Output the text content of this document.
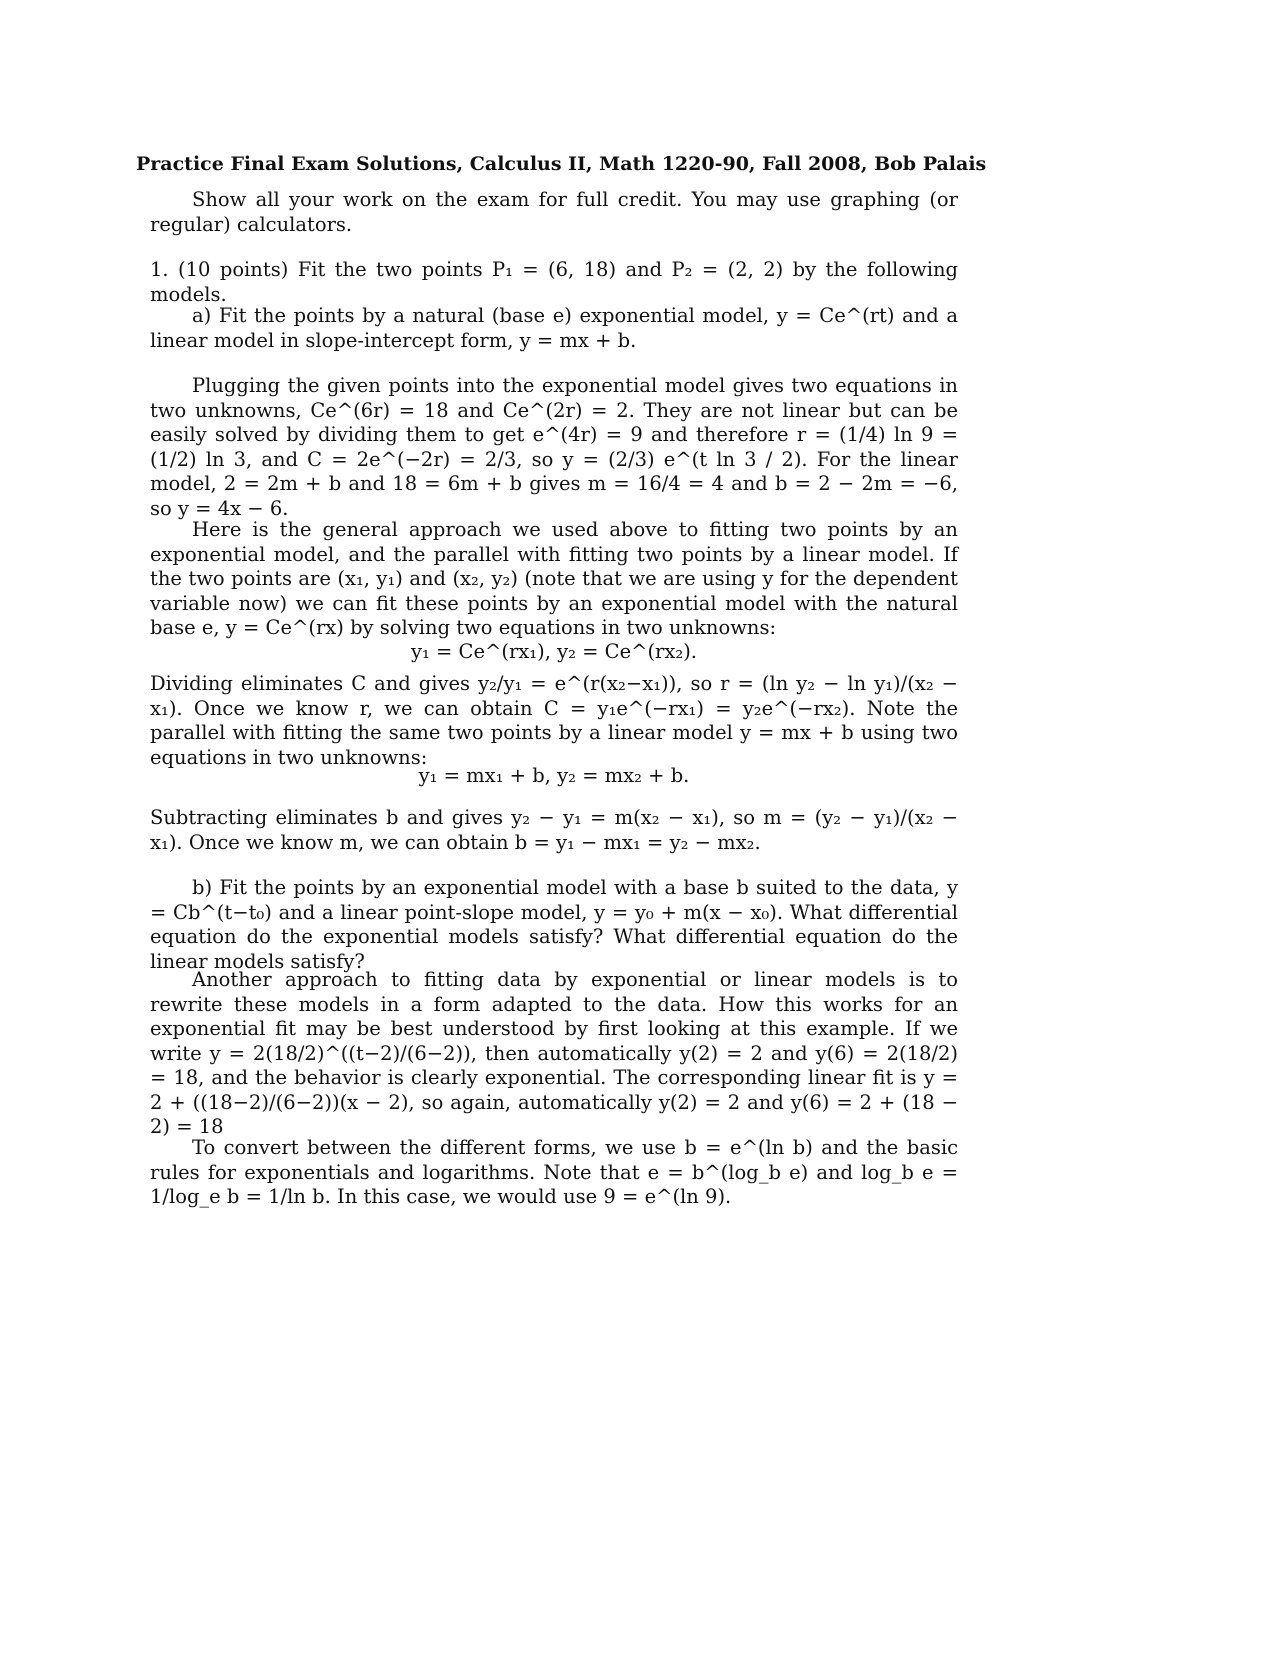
Practice Final Exam Solutions, Calculus II, Math 1220-90, Fall 2008, Bob Palais
Show all your work on the exam for full credit. You may use graphing (or regular) calculators.
1. (10 points) Fit the two points P₁ = (6, 18) and P₂ = (2, 2) by the following models.
a) Fit the points by a natural (base e) exponential model, y = Ce^(rt) and a linear model in slope-intercept form, y = mx + b.
Plugging the given points into the exponential model gives two equations in two unknowns, Ce^(6r) = 18 and Ce^(2r) = 2. They are not linear but can be easily solved by dividing them to get e^(4r) = 9 and therefore r = (1/4) ln 9 = (1/2) ln 3, and C = 2e^(−2r) = 2/3, so y = (2/3) e^(t ln 3 / 2). For the linear model, 2 = 2m + b and 18 = 6m + b gives m = 16/4 = 4 and b = 2 − 2m = −6, so y = 4x − 6.
Here is the general approach we used above to fitting two points by an exponential model, and the parallel with fitting two points by a linear model. If the two points are (x₁, y₁) and (x₂, y₂) (note that we are using y for the dependent variable now) we can fit these points by an exponential model with the natural base e, y = Ce^(rx) by solving two equations in two unknowns:
y₁ = Ce^(rx₁), y₂ = Ce^(rx₂).
Dividing eliminates C and gives y₂/y₁ = e^(r(x₂−x₁)), so r = (ln y₂ − ln y₁)/(x₂ − x₁). Once we know r, we can obtain C = y₁e^(−rx₁) = y₂e^(−rx₂). Note the parallel with fitting the same two points by a linear model y = mx + b using two equations in two unknowns:
y₁ = mx₁ + b, y₂ = mx₂ + b.
Subtracting eliminates b and gives y₂ − y₁ = m(x₂ − x₁), so m = (y₂ − y₁)/(x₂ − x₁). Once we know m, we can obtain b = y₁ − mx₁ = y₂ − mx₂.
b) Fit the points by an exponential model with a base b suited to the data, y = Cb^(t−t₀) and a linear point-slope model, y = y₀ + m(x − x₀). What differential equation do the exponential models satisfy? What differential equation do the linear models satisfy?
Another approach to fitting data by exponential or linear models is to rewrite these models in a form adapted to the data. How this works for an exponential fit may be best understood by first looking at this example. If we write y = 2(18/2)^((t−2)/(6−2)), then automatically y(2) = 2 and y(6) = 2(18/2) = 18, and the behavior is clearly exponential. The corresponding linear fit is y = 2 + ((18−2)/(6−2))(x − 2), so again, automatically y(2) = 2 and y(6) = 2 + (18 − 2) = 18
To convert between the different forms, we use b = e^(ln b) and the basic rules for exponentials and logarithms. Note that e = b^(log_b e) and log_b e = 1/log_e b = 1/ln b. In this case, we would use 9 = e^(ln 9).
